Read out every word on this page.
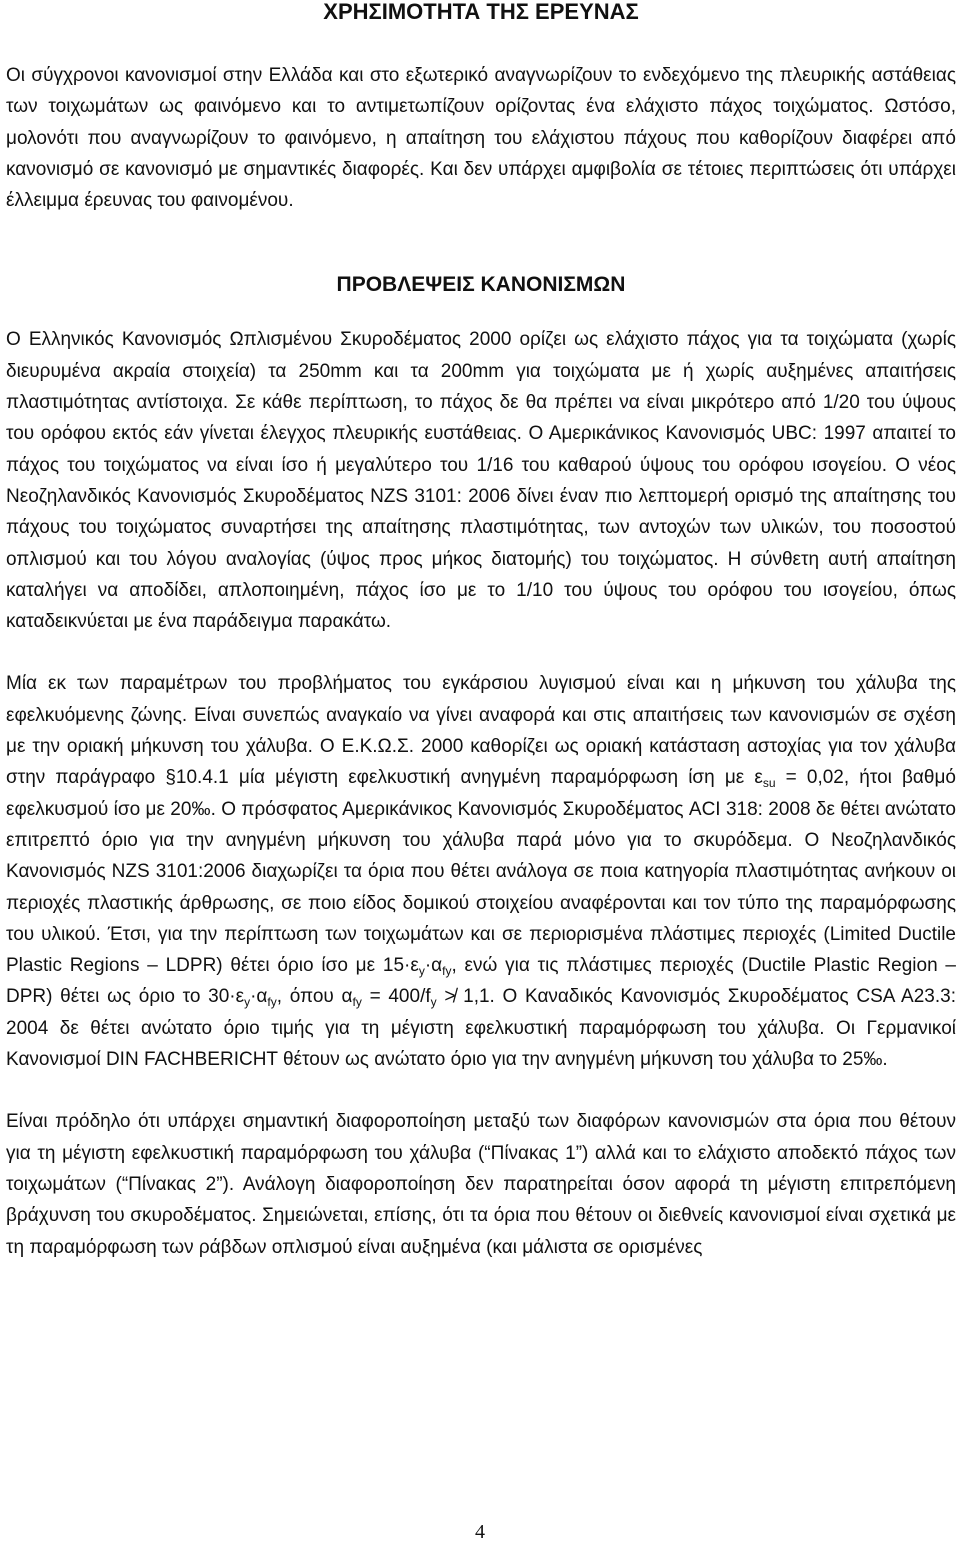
ΧΡΗΣΙΜΟΤΗΤΑ ΤΗΣ ΕΡΕΥΝΑΣ

Οι σύγχρονοι κανονισμοί στην Ελλάδα και στο εξωτερικό αναγνωρίζουν το ενδεχόμενο της πλευρικής αστάθειας των τοιχωμάτων ως φαινόμενο και το αντιμετωπίζουν ορίζοντας ένα ελάχιστο πάχος τοιχώματος. Ωστόσο, μολονότι που αναγνωρίζουν το φαινόμενο, η απαίτηση του ελάχιστου πάχους που καθορίζουν διαφέρει από κανονισμό σε κανονισμό με σημαντικές διαφορές. Και δεν υπάρχει αμφιβολία σε τέτοιες περιπτώσεις ότι υπάρχει έλλειμμα έρευνας του φαινομένου.

ΠΡΟΒΛΕΨΕΙΣ ΚΑΝΟΝΙΣΜΩΝ

Ο Ελληνικός Κανονισμός Ωπλισμένου Σκυροδέματος 2000 ορίζει ως ελάχιστο πάχος για τα τοιχώματα (χωρίς διευρυμένα ακραία στοιχεία) τα 250mm και τα 200mm για τοιχώματα με ή χωρίς αυξημένες απαιτήσεις πλαστιμότητας αντίστοιχα. Σε κάθε περίπτωση, το πάχος δε θα πρέπει να είναι μικρότερο από 1/20 του ύψους του ορόφου εκτός εάν γίνεται έλεγχος πλευρικής ευστάθειας. Ο Αμερικάνικος Κανονισμός UBC: 1997 απαιτεί το πάχος του τοιχώματος να είναι ίσο ή μεγαλύτερο του 1/16 του καθαρού ύψους του ορόφου ισογείου. Ο νέος Νεοζηλανδικός Κανονισμός Σκυροδέματος NZS 3101: 2006 δίνει έναν πιο λεπτομερή ορισμό της απαίτησης του πάχους του τοιχώματος συναρτήσει της απαίτησης πλαστιμότητας, των αντοχών των υλικών, του ποσοστού οπλισμού και του λόγου αναλογίας (ύψος προς μήκος διατομής) του τοιχώματος. Η σύνθετη αυτή απαίτηση καταλήγει να αποδίδει, απλοποιημένη, πάχος ίσο με το 1/10 του ύψους του ορόφου του ισογείου, όπως καταδεικνύεται με ένα παράδειγμα παρακάτω.

Μία εκ των παραμέτρων του προβλήματος του εγκάρσιου λυγισμού είναι και η μήκυνση του χάλυβα της εφελκυόμενης ζώνης. Είναι συνεπώς αναγκαίο να γίνει αναφορά και στις απαιτήσεις των κανονισμών σε σχέση με την οριακή μήκυνση του χάλυβα. Ο Ε.Κ.Ω.Σ. 2000 καθορίζει ως οριακή κατάσταση αστοχίας για τον χάλυβα στην παράγραφο §10.4.1 μία μέγιστη εφελκυστική ανηγμένη παραμόρφωση ίση με $\varepsilon_{su} = 0,02$, ήτοι βαθμό εφελκυσμού ίσο με 20‰. Ο πρόσφατος Αμερικάνικος Κανονισμός Σκυροδέματος ACI 318: 2008 δε θέτει ανώτατο επιτρεπτό όριο για την ανηγμένη μήκυνση του χάλυβα παρά μόνο για το σκυρόδεμα. Ο Νεοζηλανδικός Κανονισμός NZS 3101:2006 διαχωρίζει τα όρια που θέτει ανάλογα σε ποια κατηγορία πλαστιμότητας ανήκουν οι περιοχές πλαστικής άρθρωσης, σε ποιο είδος δομικού στοιχείου αναφέρονται και τον τύπο της παραμόρφωσης του υλικού. Έτσι, για την περίπτωση των τοιχωμάτων και σε περιορισμένα πλάστιμες περιοχές (Limited Ductile Plastic Regions – LDPR) θέτει όριο ίσο με $15\cdot\varepsilon_y\cdot\alpha_{fy}$, ενώ για τις πλάστιμες περιοχές (Ductile Plastic Region – DPR) θέτει ως όριο το $30\cdot\varepsilon_y\cdot\alpha_{fy}$, όπου $\alpha_{fy} = 400/f_y$ ≯ 1,1. Ο Καναδικός Κανονισμός Σκυροδέματος CSA A23.3: 2004 δε θέτει ανώτατο όριο τιμής για τη μέγιστη εφελκυστική παραμόρφωση του χάλυβα. Οι Γερμανικοί Κανονισμοί DIN FACHBERICHT θέτουν ως ανώτατο όριο για την ανηγμένη μήκυνση του χάλυβα το 25‰.

Είναι πρόδηλο ότι υπάρχει σημαντική διαφοροποίηση μεταξύ των διαφόρων κανονισμών στα όρια που θέτουν για τη μέγιστη εφελκυστική παραμόρφωση του χάλυβα (“Πίνακας 1”) αλλά και το ελάχιστο αποδεκτό πάχος των τοιχωμάτων (“Πίνακας 2”). Ανάλογη διαφοροποίηση δεν παρατηρείται όσον αφορά τη μέγιστη επιτρεπόμενη βράχυνση του σκυροδέματος. Σημειώνεται, επίσης, ότι τα όρια που θέτουν οι διεθνείς κανονισμοί είναι σχετικά με τη παραμόρφωση των ράβδων οπλισμού είναι αυξημένα (και μάλιστα σε ορισμένες

4
